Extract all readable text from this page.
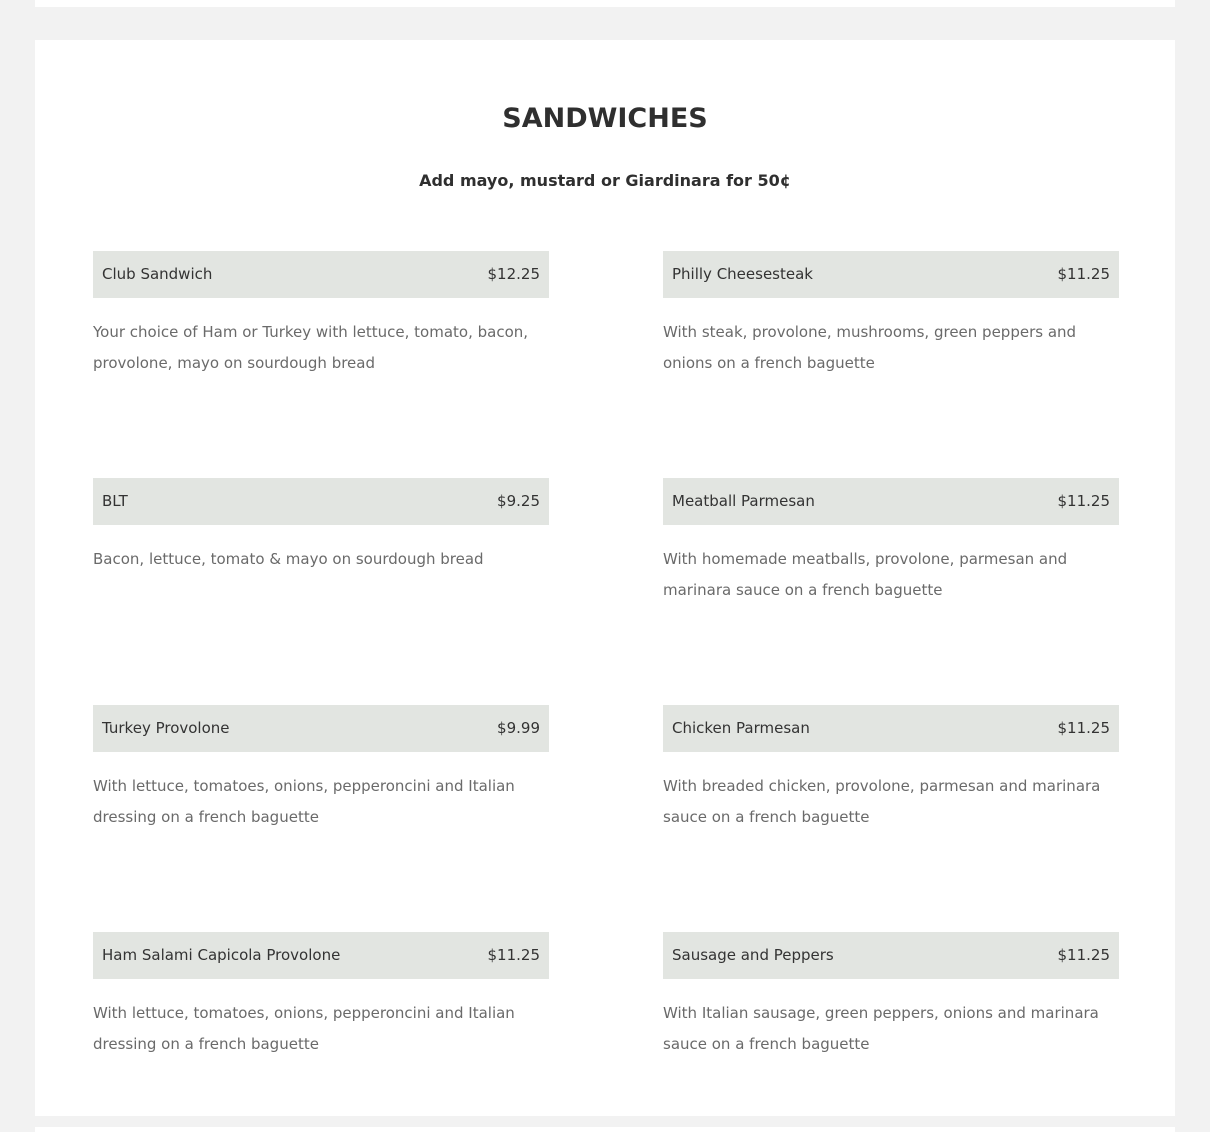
SANDWICHES

Add mayo, mustard or Giardinara for 50¢

Club Sandwich	$12.25

Your choice of Ham or Turkey with lettuce, tomato, bacon, provolone, mayo on sourdough bread

Philly Cheesesteak	$11.25

With steak, provolone, mushrooms, green peppers and onions on a french baguette

BLT	$9.25

Bacon, lettuce, tomato & mayo on sourdough bread

Meatball Parmesan	$11.25

With homemade meatballs, provolone, parmesan and marinara sauce on a french baguette

Turkey Provolone	$9.99

With lettuce, tomatoes, onions, pepperoncini and Italian dressing on a french baguette

Chicken Parmesan	$11.25

With breaded chicken, provolone, parmesan and marinara sauce on a french baguette

Ham Salami Capicola Provolone	$11.25

With lettuce, tomatoes, onions, pepperoncini and Italian dressing on a french baguette

Sausage and Peppers	$11.25

With Italian sausage, green peppers, onions and marinara sauce on a french baguette
